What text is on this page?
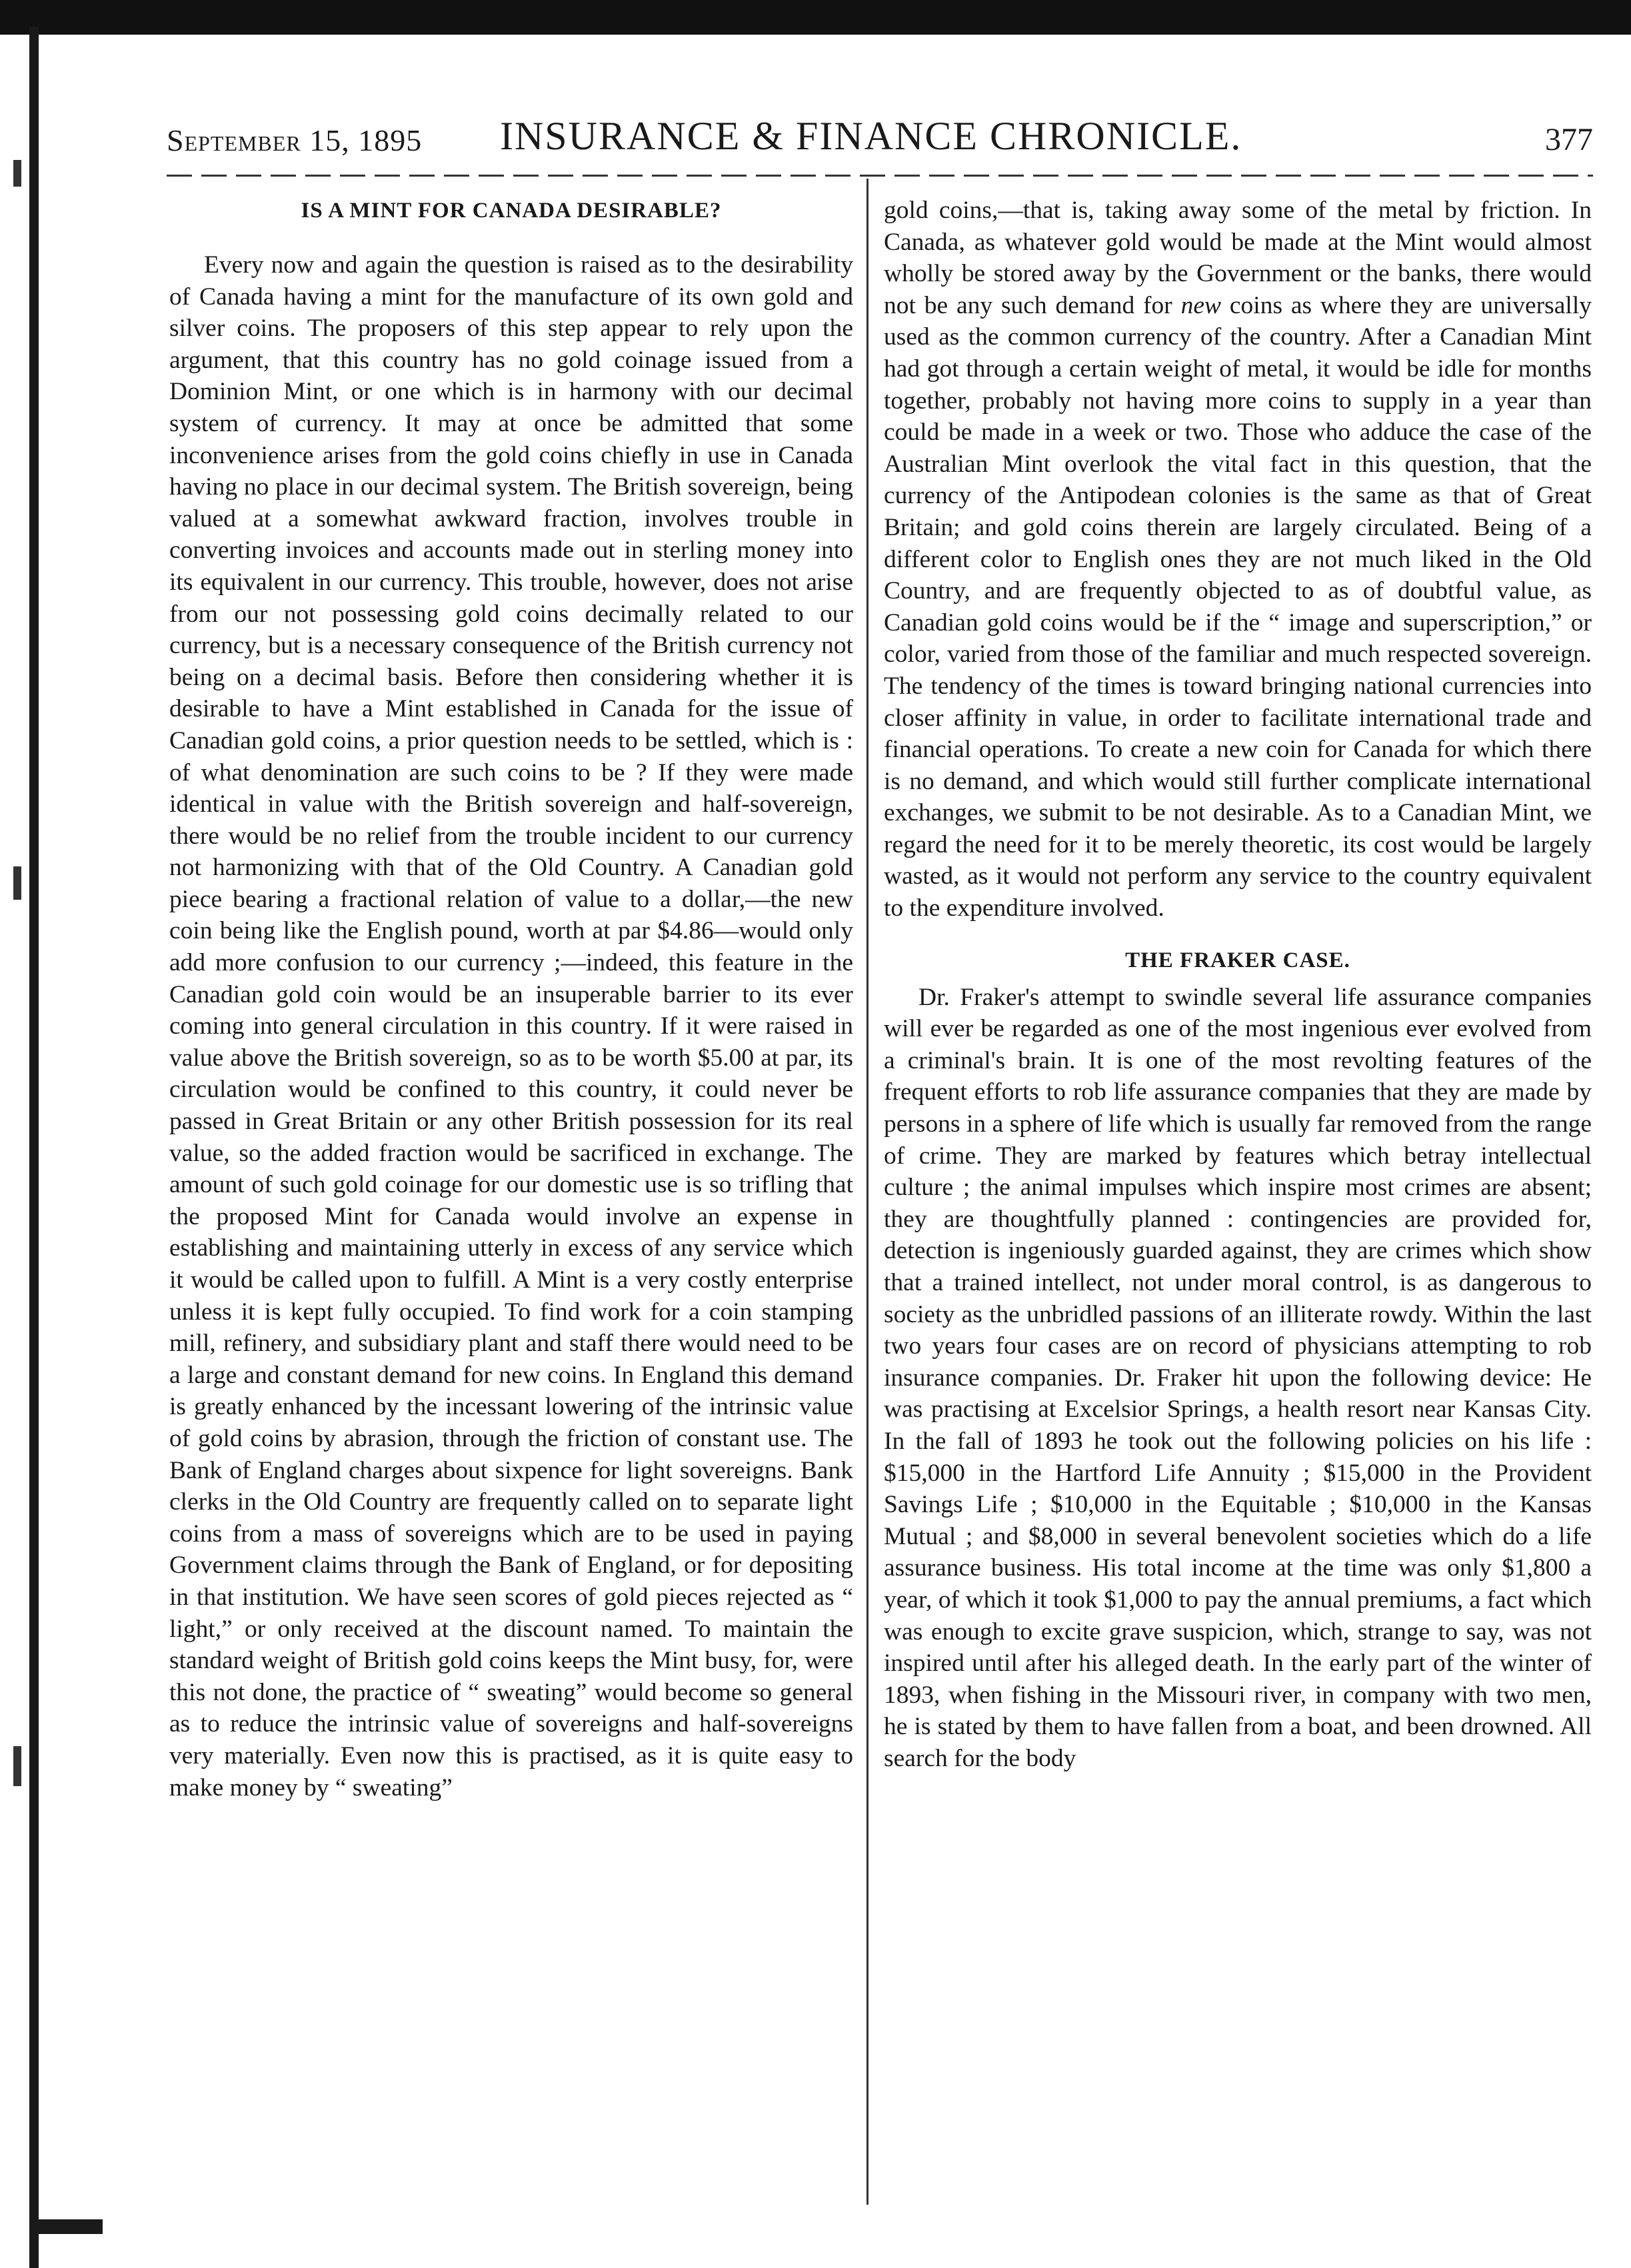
September 15, 1895 INSURANCE & FINANCE CHRONICLE.	377
IS A MINT FOR CANADA DESIRABLE?

Every now and again the question is raised as to the desirability of Canada having a mint for the manufacture of its own gold and silver coins. The proposers of this step appear to rely upon the argument, that this country has no gold coinage issued from a Dominion Mint, or one which is in harmony with our decimal system of currency. It may at once be admitted that some inconvenience arises from the gold coins chiefly in use in Canada having no place in our decimal system. The British sovereign, being valued at a somewhat awkward fraction, involves trouble in converting invoices and accounts made out in sterling money into its equivalent in our currency. This trouble, however, does not arise from our not possessing gold coins decimally related to our currency, but is a necessary consequence of the British currency not being on a decimal basis. Before then considering whether it is desirable to have a Mint established in Canada for the issue of Canadian gold coins, a prior question needs to be settled, which is : of what denomination are such coins to be ? If they were made identical in value with the British sovereign and half-sovereign, there would be no relief from the trouble incident to our currency not harmonizing with that of the Old Country. A Canadian gold piece bearing a fractional relation of value to a dollar,—the new coin being like the English pound, worth at par $4.86—would only add more confusion to our currency ;—indeed, this feature in the Canadian gold coin would be an insuperable barrier to its ever coming into general circulation in this country. If it were raised in value above the British sovereign, so as to be worth $5.00 at par, its circulation would be confined to this country, it could never be passed in Great Britain or any other British possession for its real value, so the added fraction would be sacrificed in exchange. The amount of such gold coinage for our domestic use is so trifling that the proposed Mint for Canada would involve an expense in establishing and maintaining utterly in excess of any service which it would be called upon to fulfill. A Mint is a very costly enterprise unless it is kept fully occupied. To find work for a coin stamping mill, refinery, and subsidiary plant and staff there would need to be a large and constant demand for new coins. In England this demand is greatly enhanced by the incessant lowering of the intrinsic value of gold coins by abrasion, through the friction of constant use. The Bank of England charges about sixpence for light sovereigns. Bank clerks in the Old Country are frequently called on to separate light coins from a mass of sovereigns which are to be used in paying Government claims through the Bank of England, or for depositing in that institution. We have seen scores of gold pieces rejected as “ light,” or only received at the discount named. To maintain the standard weight of British gold coins keeps the Mint busy, for, were this not done, the practice of “ sweating” would become so general as to reduce the intrinsic value of sovereigns and half-sovereigns very materially. Even now this is practised, as it is quite easy to make money by “ sweating”

gold coins,—that is, taking away some of the metal by friction. In Canada, as whatever gold would be made at the Mint would almost wholly be stored away by the Government or the banks, there would not be any such demand for new coins as where they are universally used as the common currency of the country. After a Canadian Mint had got through a certain weight of metal, it would be idle for months together, probably not having more coins to supply in a year than could be made in a week or two. Those who adduce the case of the Australian Mint overlook the vital fact in this question, that the currency of the Antipodean colonies is the same as that of Great Britain; and gold coins therein are largely circulated. Being of a different color to English ones they are not much liked in the Old Country, and are frequently objected to as of doubtful value, as Canadian gold coins would be if the “ image and superscription,” or color, varied from those of the familiar and much respected sovereign. The tendency of the times is toward bringing national currencies into closer affinity in value, in order to facilitate international trade and financial operations. To create a new coin for Canada for which there is no demand, and which would still further complicate international exchanges, we submit to be not desirable. As to a Canadian Mint, we regard the need for it to be merely theoretic, its cost would be largely wasted, as it would not perform any service to the country equivalent to the expenditure involved.

THE FRAKER CASE.

Dr. Fraker's attempt to swindle several life assurance companies will ever be regarded as one of the most ingenious ever evolved from a criminal's brain. It is one of the most revolting features of the frequent efforts to rob life assurance companies that they are made by persons in a sphere of life which is usually far removed from the range of crime. They are marked by features which betray intellectual culture ; the animal impulses which inspire most crimes are absent; they are thoughtfully planned : contingencies are provided for, detection is ingeniously guarded against, they are crimes which show that a trained intellect, not under moral control, is as dangerous to society as the unbridled passions of an illiterate rowdy. Within the last two years four cases are on record of physicians attempting to rob insurance companies. Dr. Fraker hit upon the following device: He was practising at Excelsior Springs, a health resort near Kansas City. In the fall of 1893 he took out the following policies on his life : $15,000 in the Hartford Life Annuity ; $15,000 in the Provident Savings Life ; $10,000 in the Equitable ; $10,000 in the Kansas Mutual ; and $8,000 in several benevolent societies which do a life assurance business. His total income at the time was only $1,800 a year, of which it took $1,000 to pay the annual premiums, a fact which was enough to excite grave suspicion, which, strange to say, was not inspired until after his alleged death. In the early part of the winter of 1893, when fishing in the Missouri river, in company with two men, he is stated by them to have fallen from a boat, and been drowned. All search for the body
